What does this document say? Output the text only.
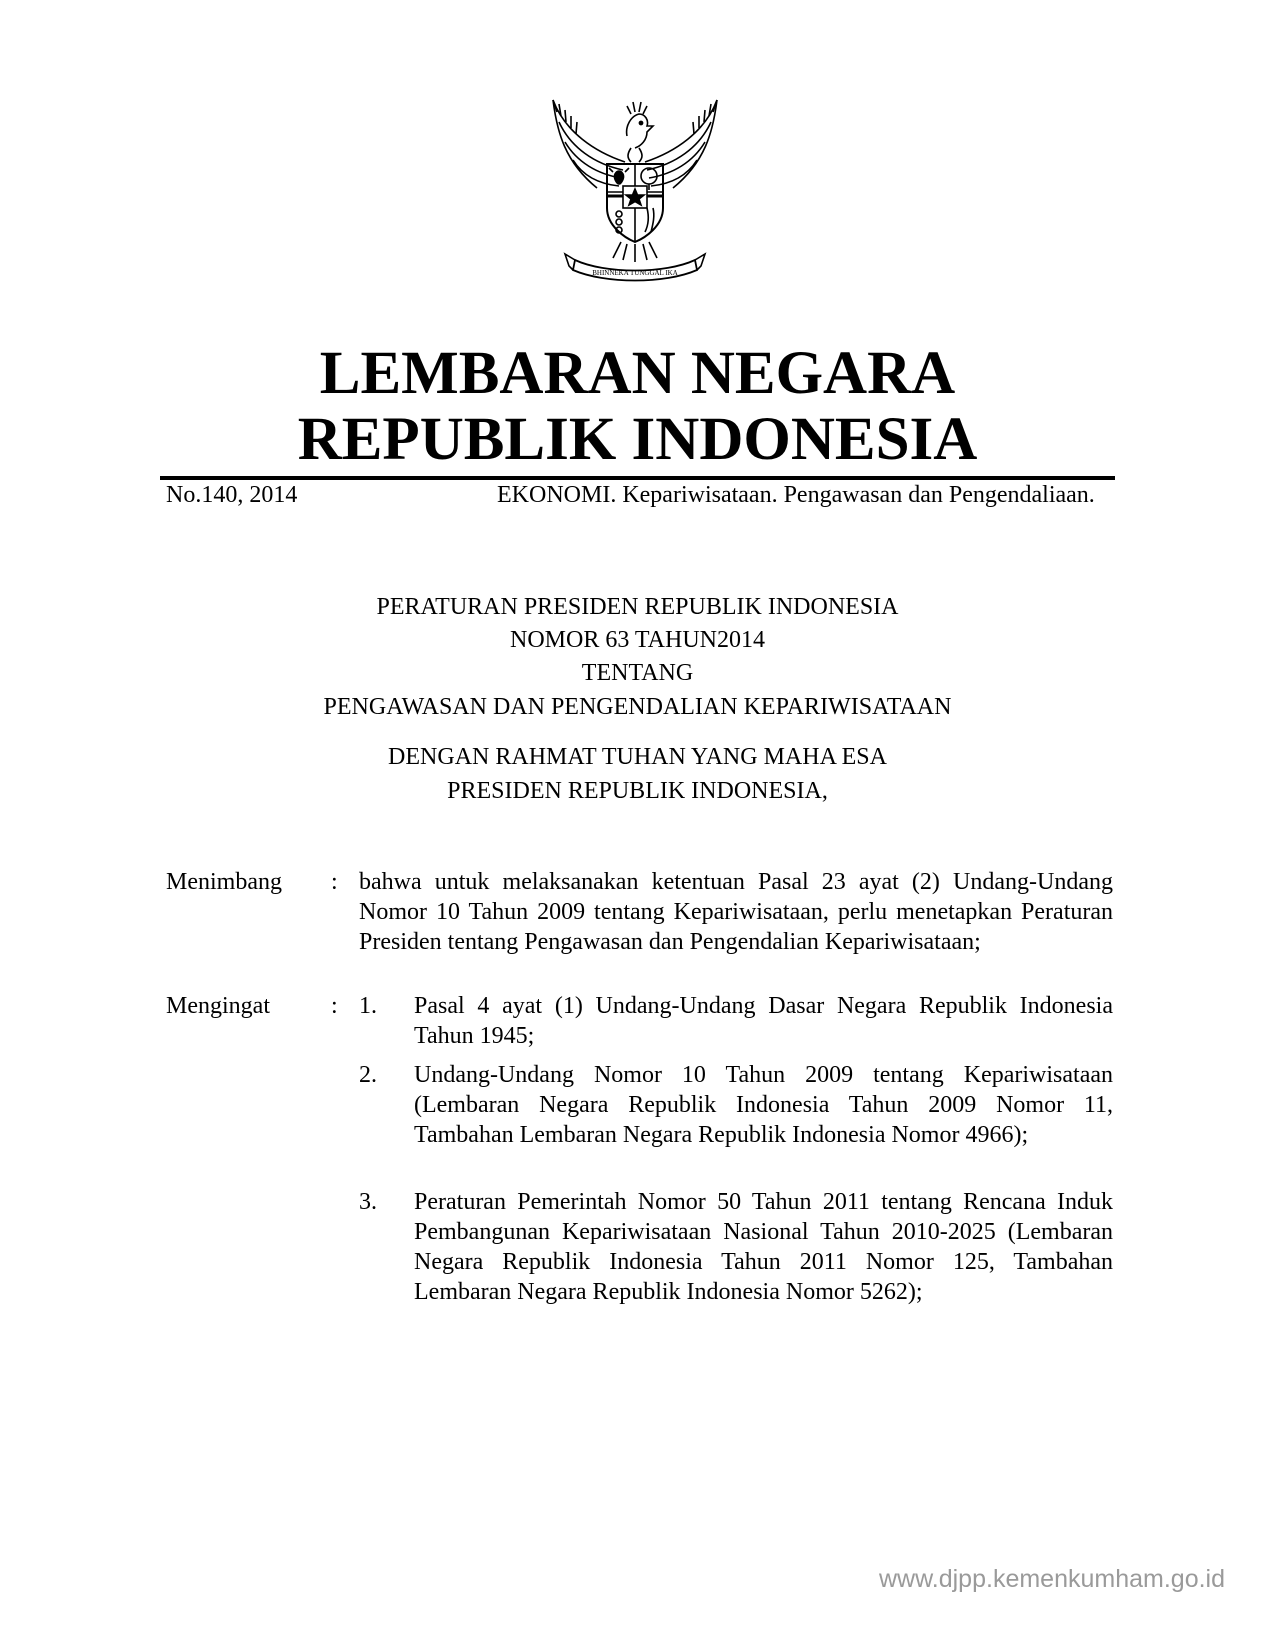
BHINNEKA TUNGGAL IKA
LEMBARAN NEGARA
REPUBLIK INDONESIA
No.140, 2014	EKONOMI. Kepariwisataan. Pengawasan dan Pengendaliaan.
PERATURAN PRESIDEN REPUBLIK INDONESIA
NOMOR 63 TAHUN2014
TENTANG
PENGAWASAN DAN PENGENDALIAN KEPARIWISATAAN
DENGAN RAHMAT TUHAN YANG MAHA ESA
PRESIDEN REPUBLIK INDONESIA,
Menimbang : bahwa untuk melaksanakan ketentuan Pasal 23 ayat (2) Undang-Undang Nomor 10 Tahun 2009 tentang Kepariwisataan, perlu menetapkan Peraturan Presiden tentang Pengawasan dan Pengendalian Kepariwisataan;
Mengingat	: 1. Pasal 4 ayat (1) Undang-Undang Dasar Negara Republik Indonesia Tahun 1945;
2. Undang-Undang Nomor 10 Tahun 2009 tentang Kepariwisataan (Lembaran Negara Republik Indonesia Tahun 2009 Nomor 11, Tambahan Lembaran Negara Republik Indonesia Nomor 4966);
3. Peraturan Pemerintah Nomor 50 Tahun 2011 tentang Rencana Induk Pembangunan Kepariwisataan Nasional Tahun 2010-2025 (Lembaran Negara Republik Indonesia Tahun 2011 Nomor 125, Tambahan Lembaran Negara Republik Indonesia Nomor 5262);
www.djpp.kemenkumham.go.id
